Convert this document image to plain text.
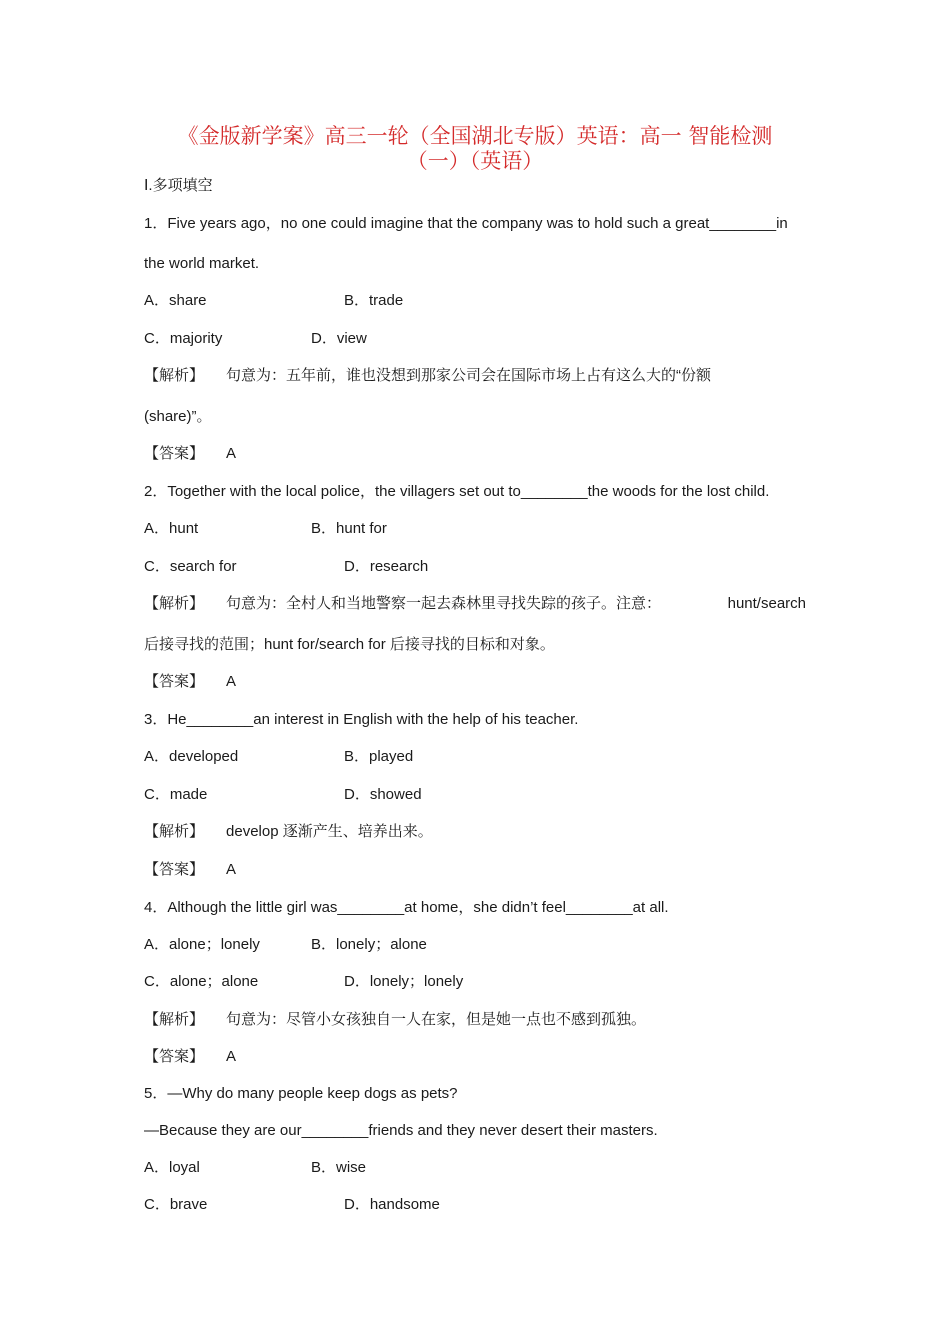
《金版新学案》高三一轮（全国湖北专版）英语：高一 智能检测
（一）（英语）
Ⅰ.多项填空
1．Five years ago，no one could imagine that the company was to hold such a great________in
the world market.
A．share	B．trade
C．majority	D．view
【解析】 句意为：五年前，谁也没想到那家公司会在国际市场上占有这么大的“份额
(share)”。
【答案】 A
2．Together with the local police，the villagers set out to________the woods for the lost child.
A．hunt	B．hunt for
C．search for	D．research
【解析】 句意为：全村人和当地警察一起去森林里寻找失踪的孩子。注意：	hunt/search
后接寻找的范围；hunt for/search for 后接寻找的目标和对象。
【答案】 A
3．He________an interest in English with the help of his teacher.
A．developed	B．played
C．made	D．showed
【解析】 develop 逐渐产生、培养出来。
【答案】 A
4．Although the little girl was________at home，she didn’t feel________at all.
A．alone；lonely	B．lonely；alone
C．alone；alone	D．lonely；lonely
【解析】 句意为：尽管小女孩独自一人在家，但是她一点也不感到孤独。
【答案】 A
5．—Why do many people keep dogs as pets?
—Because they are our________friends and they never desert their masters.
A．loyal	B．wise
C．brave	D．handsome
